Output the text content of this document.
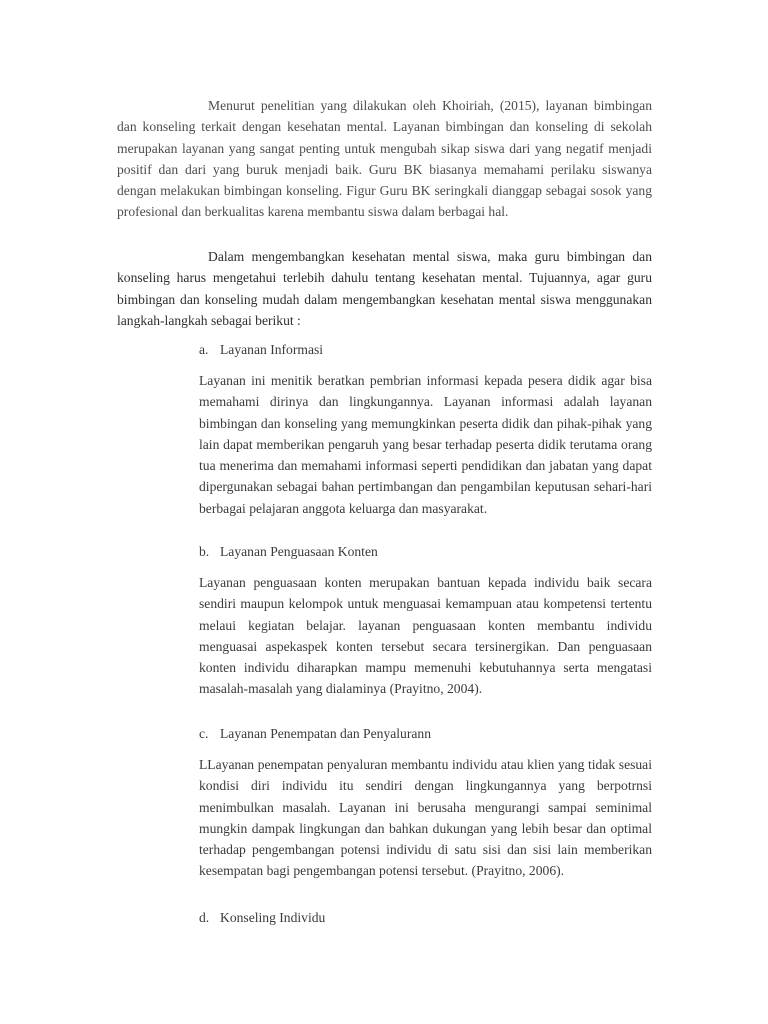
Menurut penelitian yang dilakukan oleh Khoiriah, (2015), layanan bimbingan dan konseling terkait dengan kesehatan mental. Layanan bimbingan dan konseling di sekolah merupakan layanan yang sangat penting untuk mengubah sikap siswa dari yang negatif menjadi positif dan dari yang buruk menjadi baik. Guru BK biasanya memahami perilaku siswanya dengan melakukan bimbingan konseling. Figur Guru BK seringkali dianggap sebagai sosok yang profesional dan berkualitas karena membantu siswa dalam berbagai hal.

Dalam mengembangkan kesehatan mental siswa, maka guru bimbingan dan konseling harus mengetahui terlebih dahulu tentang kesehatan mental. Tujuannya, agar guru bimbingan dan konseling mudah dalam mengembangkan kesehatan mental siswa menggunakan langkah-langkah sebagai berikut :

a. Layanan Informasi

Layanan ini menitik beratkan pembrian informasi kepada pesera didik agar bisa memahami dirinya dan lingkungannya. Layanan informasi adalah layanan bimbingan dan konseling yang memungkinkan peserta didik dan pihak-pihak yang lain dapat memberikan pengaruh yang besar terhadap peserta didik terutama orang tua menerima dan memahami informasi seperti pendidikan dan jabatan yang dapat dipergunakan sebagai bahan pertimbangan dan pengambilan keputusan sehari-hari berbagai pelajaran anggota keluarga dan masyarakat.

b. Layanan Penguasaan Konten

Layanan penguasaan konten merupakan bantuan kepada individu baik secara sendiri maupun kelompok untuk menguasai kemampuan atau kompetensi tertentu melaui kegiatan belajar. layanan penguasaan konten membantu individu menguasai aspekaspek konten tersebut secara tersinergikan. Dan penguasaan konten individu diharapkan mampu memenuhi kebutuhannya serta mengatasi masalah-masalah yang dialaminya (Prayitno, 2004).

c. Layanan Penempatan dan Penyalurann

LLayanan penempatan penyaluran membantu individu atau klien yang tidak sesuai kondisi diri individu itu sendiri dengan lingkungannya yang berpotrnsi menimbulkan masalah. Layanan ini berusaha mengurangi sampai seminimal mungkin dampak lingkungan dan bahkan dukungan yang lebih besar dan optimal terhadap pengembangan potensi individu di satu sisi dan sisi lain memberikan kesempatan bagi pengembangan potensi tersebut. (Prayitno, 2006).

d. Konseling Individu
